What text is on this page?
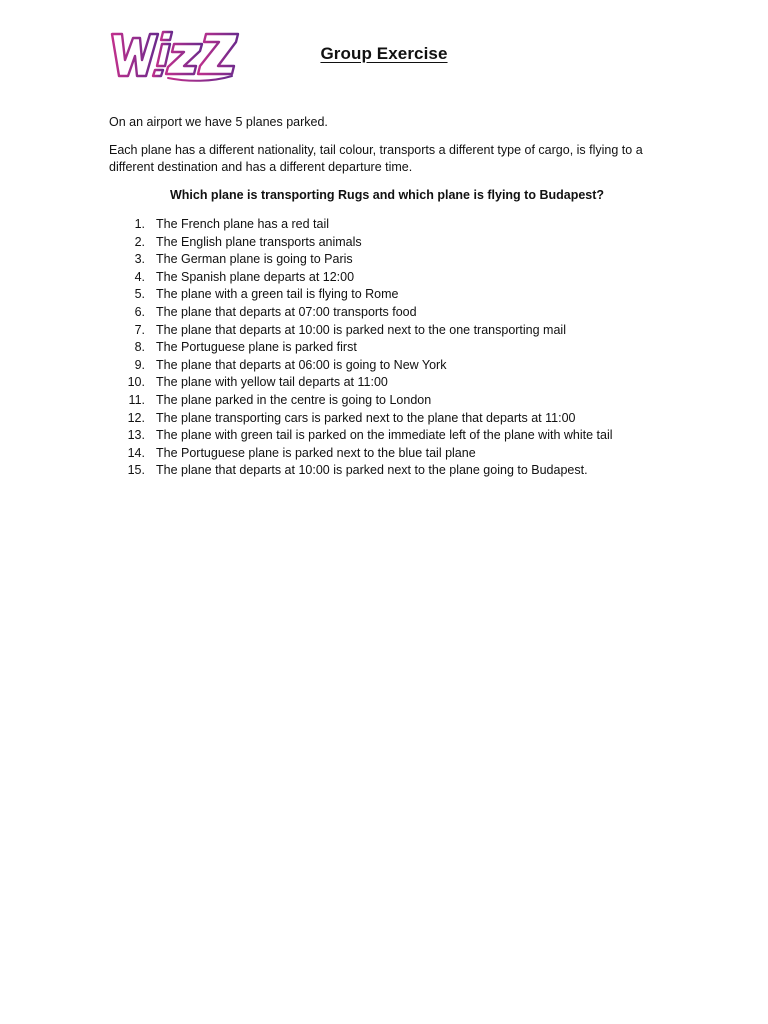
Group Exercise

On an airport we have 5 planes parked.

Each plane has a different nationality, tail colour, transports a different type of cargo, is flying to a different destination and has a different departure time.

Which plane is transporting Rugs and which plane is flying to Budapest?

1. The French plane has a red tail
2. The English plane transports animals
3. The German plane is going to Paris
4. The Spanish plane departs at 12:00
5. The plane with a green tail is flying to Rome
6. The plane that departs at 07:00 transports food
7. The plane that departs at 10:00 is parked next to the one transporting mail
8. The Portuguese plane is parked first
9. The plane that departs at 06:00 is going to New York
10. The plane with yellow tail departs at 11:00
11. The plane parked in the centre is going to London
12. The plane transporting cars is parked next to the plane that departs at 11:00
13. The plane with green tail is parked on the immediate left of the plane with white tail
14. The Portuguese plane is parked next to the blue tail plane
15. The plane that departs at 10:00 is parked next to the plane going to Budapest.
